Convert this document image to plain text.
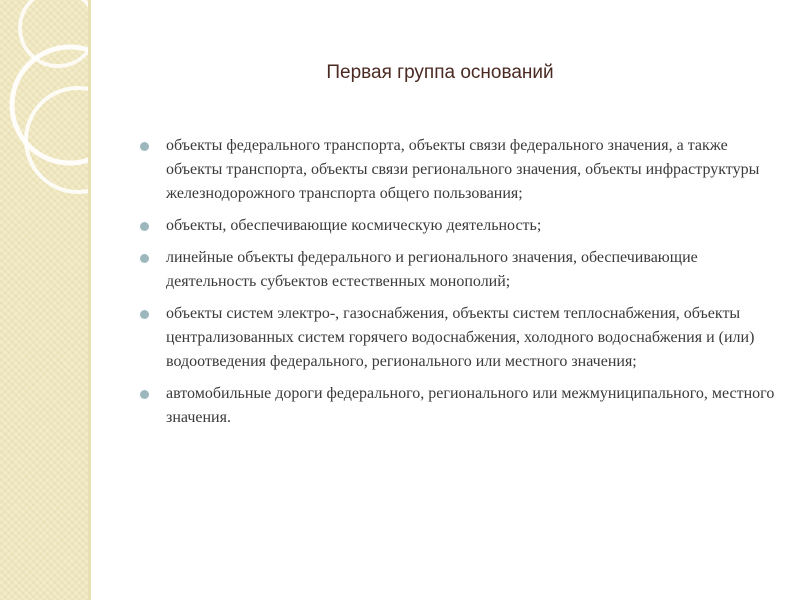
Первая группа оснований
объекты федерального транспорта, объекты связи федерального значения, а также объекты транспорта, объекты связи регионального значения, объекты инфраструктуры железнодорожного транспорта общего пользования;
объекты, обеспечивающие космическую деятельность;
линейные объекты федерального и регионального значения, обеспечивающие деятельность субъектов естественных монополий;
объекты систем электро-, газоснабжения, объекты систем теплоснабжения, объекты централизованных систем горячего водоснабжения, холодного водоснабжения и (или) водоотведения федерального, регионального или местного значения;
автомобильные дороги федерального, регионального или межмуниципального, местного значения.
